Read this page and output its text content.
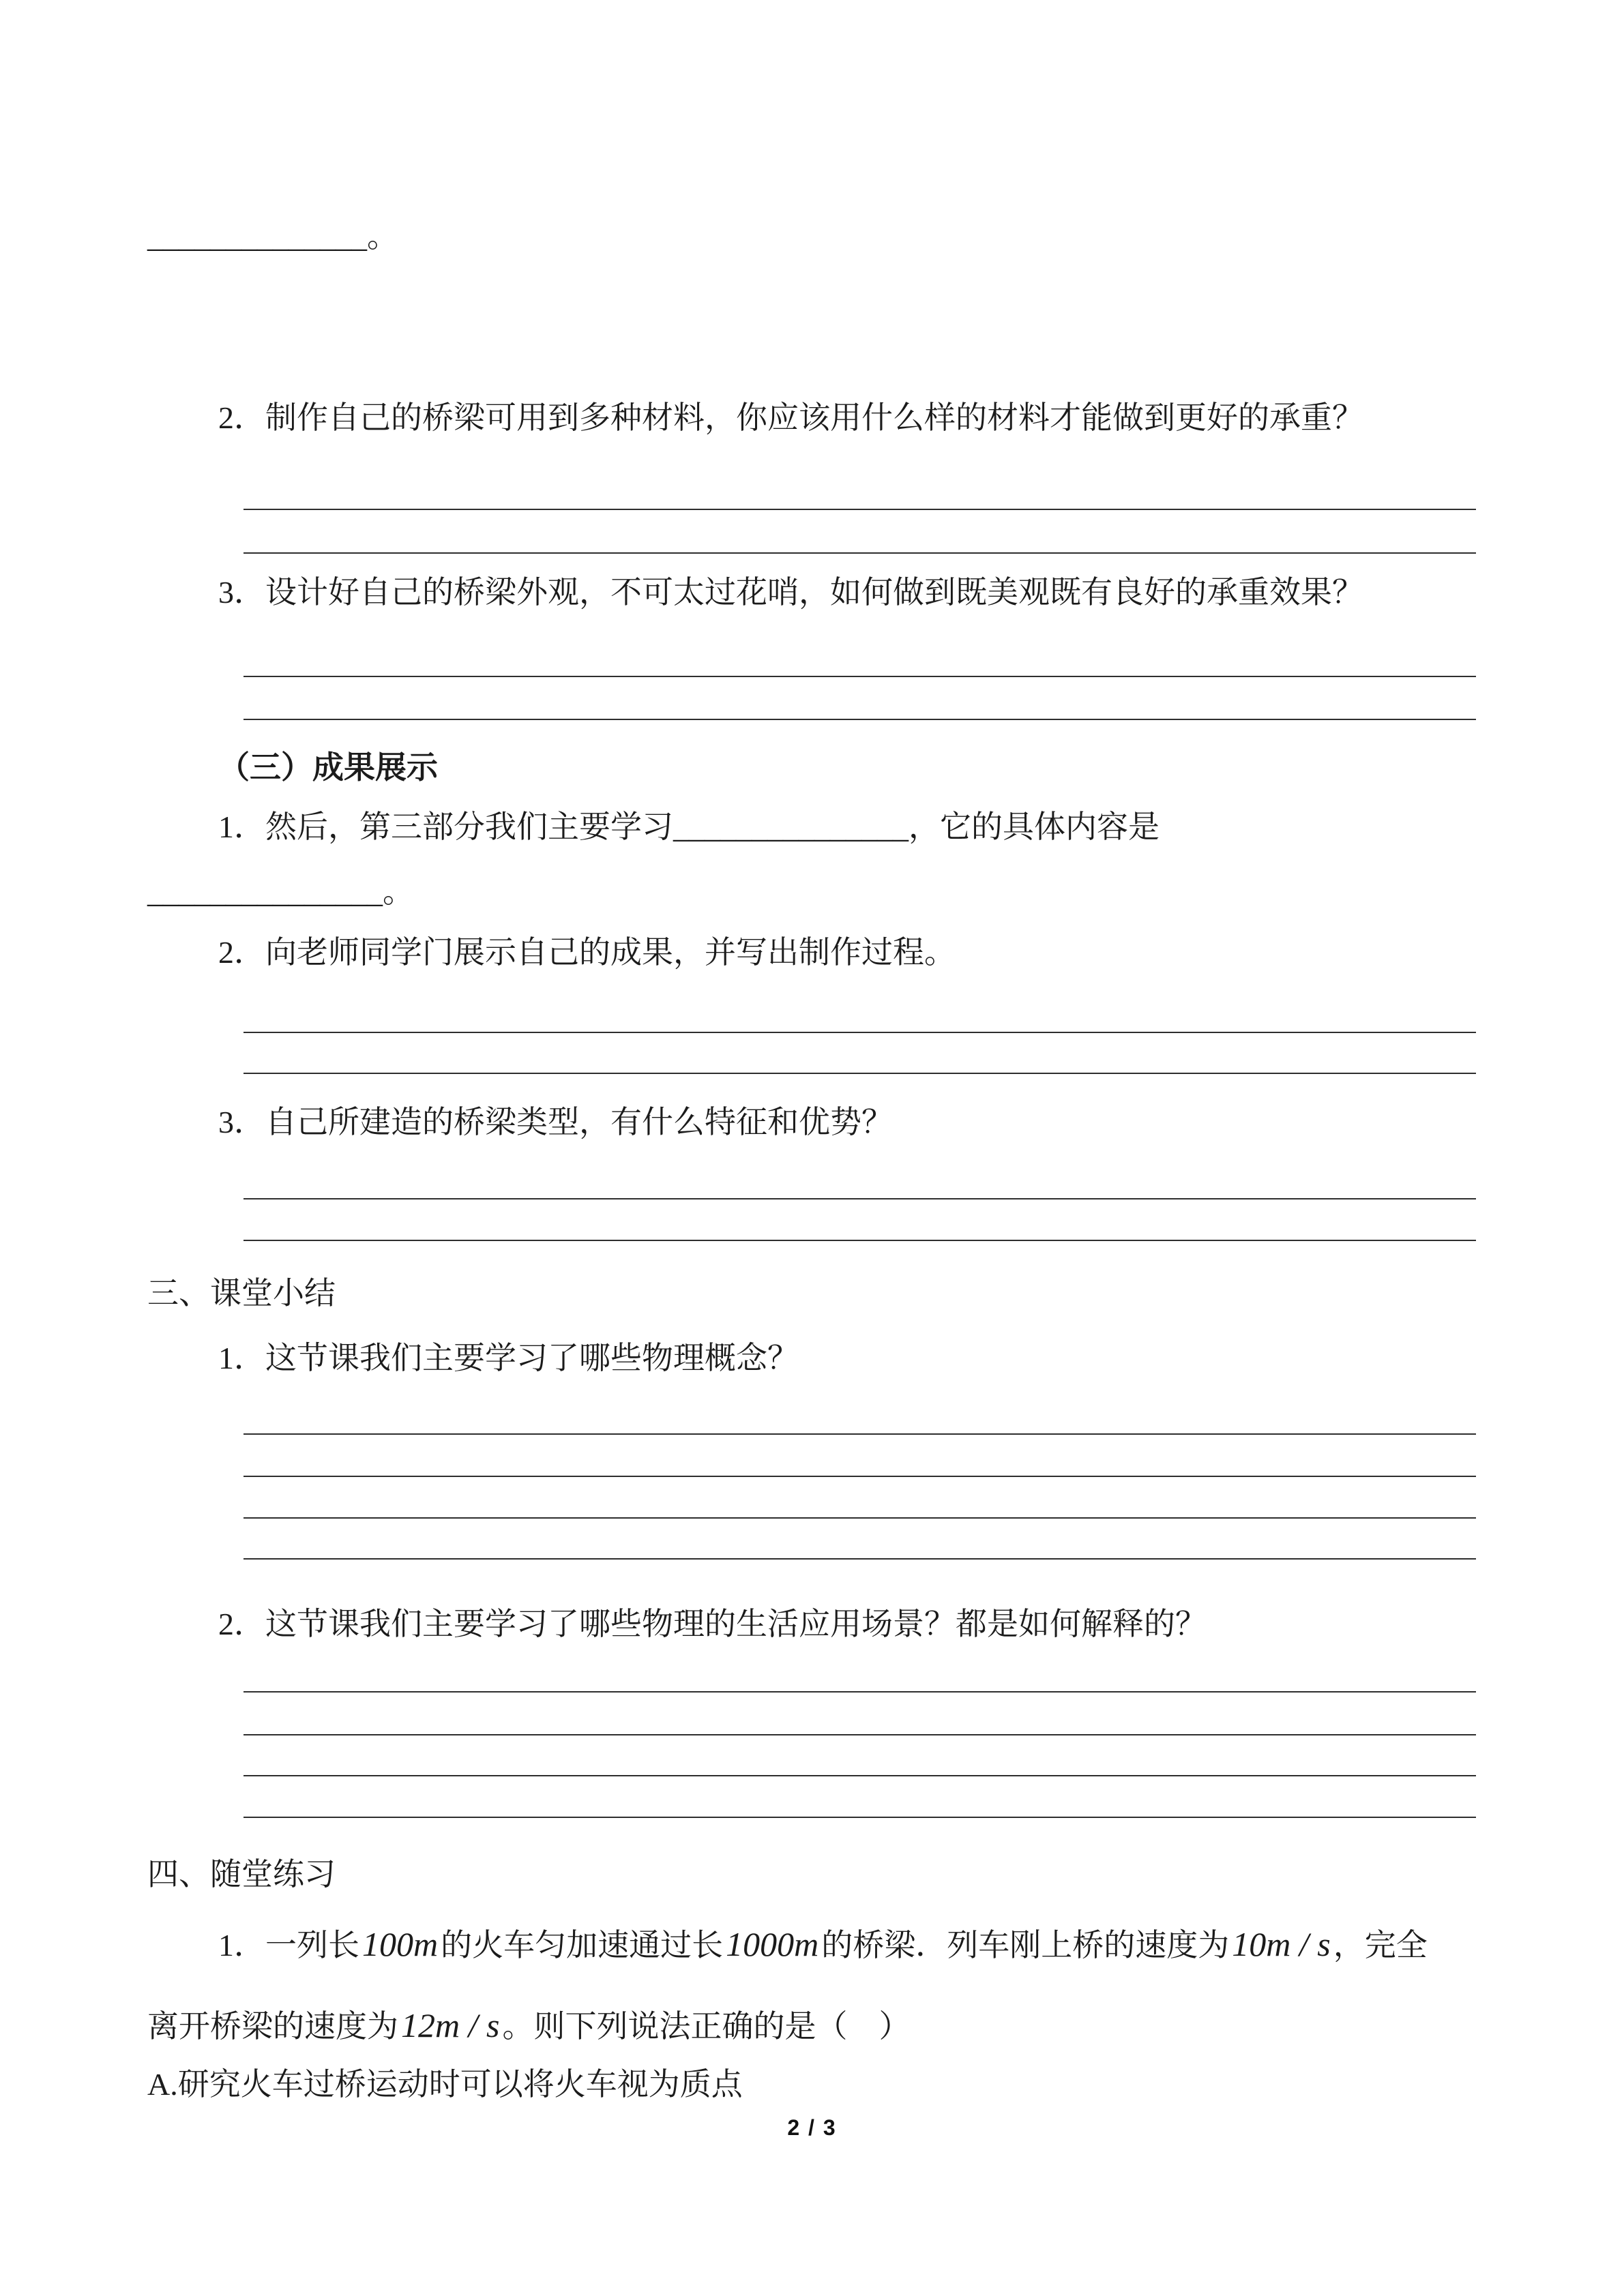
______________。
2．制作自己的桥梁可用到多种材料，你应该用什么样的材料才能做到更好的承重？
3．设计好自己的桥梁外观，不可太过花哨，如何做到既美观既有良好的承重效果？
（三）成果展示
1．然后，第三部分我们主要学习_______________，它的具体内容是
_______________。
2．向老师同学门展示自己的成果，并写出制作过程。
3．自己所建造的桥梁类型，有什么特征和优势？
三、课堂小结
1．这节课我们主要学习了哪些物理概念？
2．这节课我们主要学习了哪些物理的生活应用场景？都是如何解释的？
四、随堂练习
1．一列长100m的火车匀加速通过长1000m的桥梁．列车刚上桥的速度为10m / s，完全
离开桥梁的速度为12m / s。则下列说法正确的是（　）
A.研究火车过桥运动时可以将火车视为质点
2 / 3
